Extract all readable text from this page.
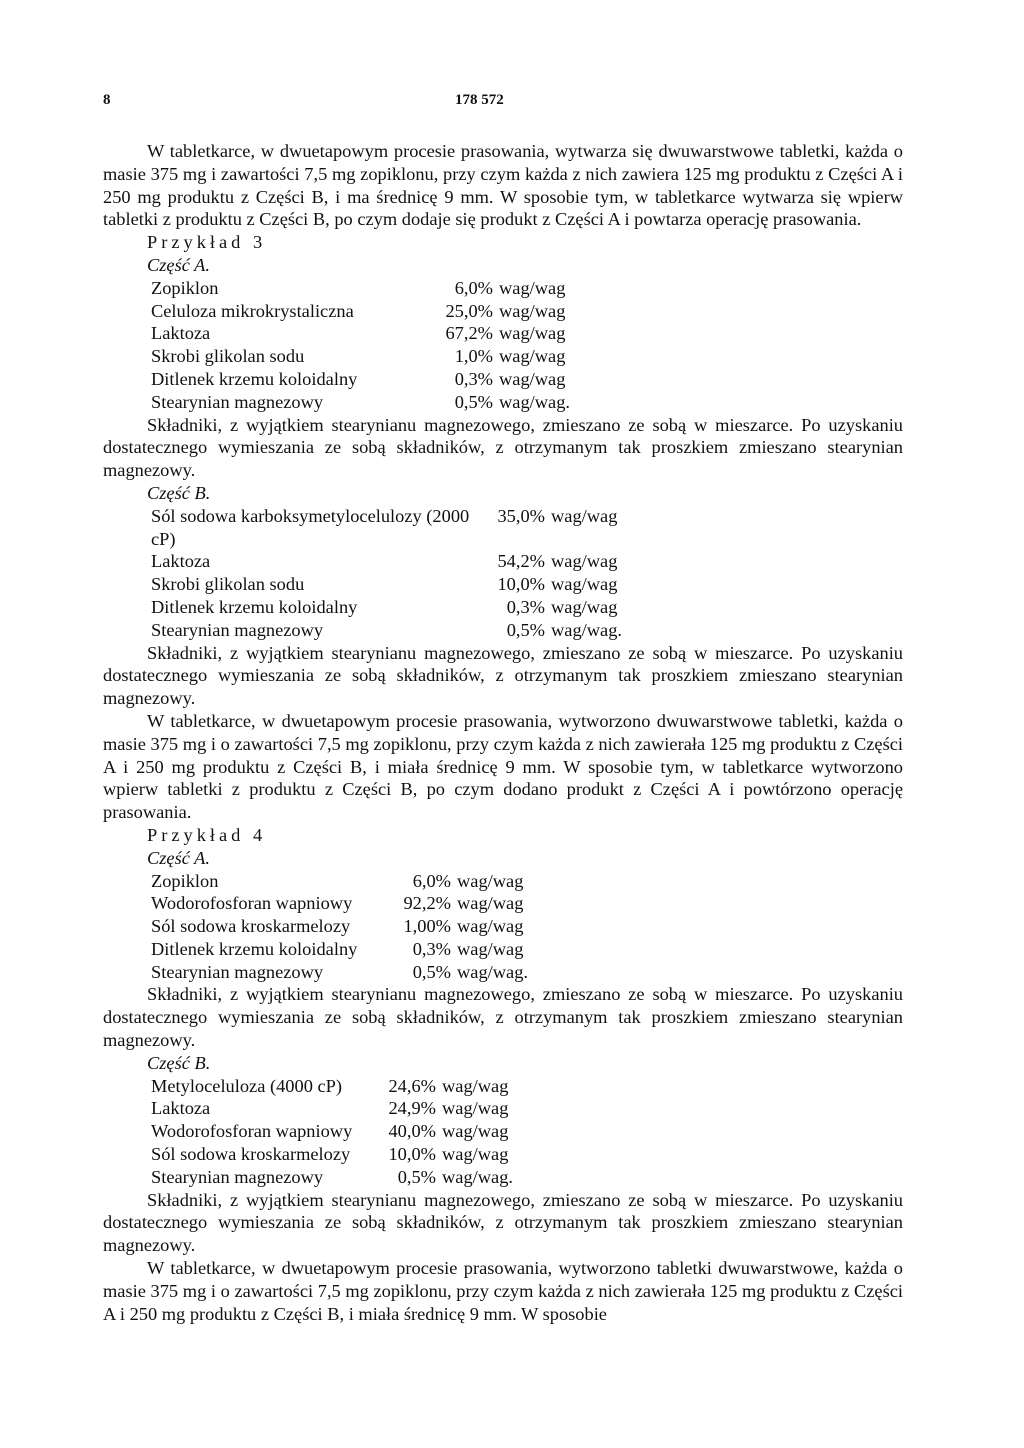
8	178 572

W tabletkarce, w dwuetapowym procesie prasowania, wytwarza się dwuwarstwowe tabletki, każda o masie 375 mg i zawartości 7,5 mg zopiklonu, przy czym każda z nich zawiera 125 mg produktu z Części A i 250 mg produktu z Części B, i ma średnicę 9 mm. W sposobie tym, w tabletkarce wytwarza się wpierw tabletki z produktu z Części B, po czym dodaje się produkt z Części A i powtarza operację prasowania.

Przykład 3
Część A.
Zopiklon	6,0% wag/wag
Celuloza mikrokrystaliczna	25,0% wag/wag
Laktoza	67,2% wag/wag
Skrobi glikolan sodu	1,0% wag/wag
Ditlenek krzemu koloidalny	0,3% wag/wag
Stearynian magnezowy	0,5% wag/wag.

Składniki, z wyjątkiem stearynianu magnezowego, zmieszano ze sobą w mieszarce. Po uzyskaniu dostatecznego wymieszania ze sobą składników, z otrzymanym tak proszkiem zmieszano stearynian magnezowy.

Część B.
Sól sodowa karboksymetylocelulozy (2000 cP)
35,0% wag/wag
Laktoza	54,2% wag/wag
Skrobi glikolan sodu	10,0% wag/wag
Ditlenek krzemu koloidalny	0,3% wag/wag
Stearynian magnezowy	0,5% wag/wag.

Składniki, z wyjątkiem stearynianu magnezowego, zmieszano ze sobą w mieszarce. Po uzyskaniu dostatecznego wymieszania ze sobą składników, z otrzymanym tak proszkiem zmieszano stearynian magnezowy.

W tabletkarce, w dwuetapowym procesie prasowania, wytworzono dwuwarstwowe tabletki, każda o masie 375 mg i o zawartości 7,5 mg zopiklonu, przy czym każda z nich zawierała 125 mg produktu z Części A i 250 mg produktu z Części B, i miała średnicę 9 mm. W sposobie tym, w tabletkarce wytworzono wpierw tabletki z produktu z Części B, po czym dodano produkt z Części A i powtórzono operację prasowania.

Przykład 4
Część A.
Zopiklon	6,0% wag/wag
Wodorofosforan wapniowy	92,2% wag/wag
Sól sodowa kroskarmelozy	1,00% wag/wag
Ditlenek krzemu koloidalny	0,3% wag/wag
Stearynian magnezowy	0,5% wag/wag.

Składniki, z wyjątkiem stearynianu magnezowego, zmieszano ze sobą w mieszarce. Po uzyskaniu dostatecznego wymieszania ze sobą składników, z otrzymanym tak proszkiem zmieszano stearynian magnezowy.

Część B.
Metyloceluloza (4000 cP)	24,6% wag/wag
Laktoza	24,9% wag/wag
Wodorofosforan wapniowy	40,0% wag/wag
Sól sodowa kroskarmelozy	10,0% wag/wag
Stearynian magnezowy	0,5% wag/wag.

Składniki, z wyjątkiem stearynianu magnezowego, zmieszano ze sobą w mieszarce. Po uzyskaniu dostatecznego wymieszania ze sobą składników, z otrzymanym tak proszkiem zmieszano stearynian magnezowy.

W tabletkarce, w dwuetapowym procesie prasowania, wytworzono tabletki dwuwarstwowe, każda o masie 375 mg i o zawartości 7,5 mg zopiklonu, przy czym każda z nich zawierała 125 mg produktu z Części A i 250 mg produktu z Części B, i miała średnicę 9 mm. W sposobie
